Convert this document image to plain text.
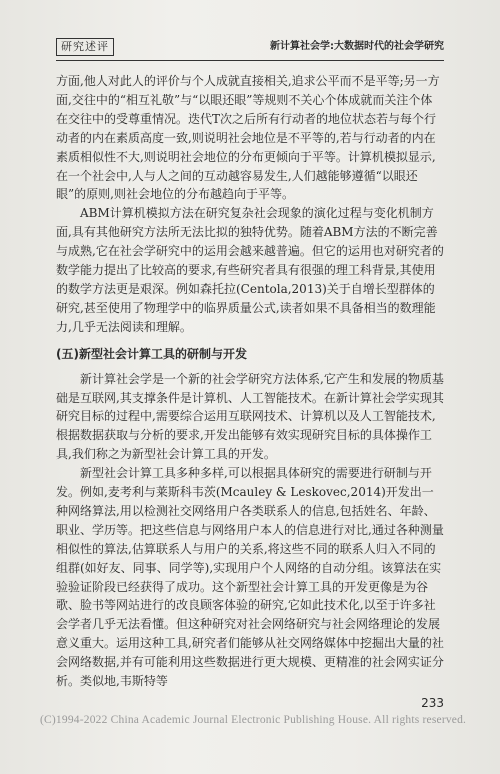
研究述评	新计算社会学:大数据时代的社会学研究

方面,他人对此人的评价与个人成就直接相关,追求公平而不是平等;另一方面,交往中的“相互礼敬”与“以眼还眼”等规则不关心个体成就而关注个体在交往中的受尊重情况。迭代T次之后所有行动者的地位状态若与每个行动者的内在素质高度一致,则说明社会地位是不平等的,若与行动者的内在素质相似性不大,则说明社会地位的分布更倾向于平等。计算机模拟显示,在一个社会中,人与人之间的互动越容易发生,人们越能够遵循“以眼还眼”的原则,则社会地位的分布越趋向于平等。

ABM计算机模拟方法在研究复杂社会现象的演化过程与变化机制方面,具有其他研究方法所无法比拟的独特优势。随着ABM方法的不断完善与成熟,它在社会学研究中的运用会越来越普遍。但它的运用也对研究者的数学能力提出了比较高的要求,有些研究者具有很强的理工科背景,其使用的数学方法更是艰深。例如森托拉(Centola,2013)关于自增长型群体的研究,甚至使用了物理学中的临界质量公式,读者如果不具备相当的数理能力,几乎无法阅读和理解。

(五)新型社会计算工具的研制与开发

新计算社会学是一个新的社会学研究方法体系,它产生和发展的物质基础是互联网,其支撑条件是计算机、人工智能技术。在新计算社会学实现其研究目标的过程中,需要综合运用互联网技术、计算机以及人工智能技术,根据数据获取与分析的要求,开发出能够有效实现研究目标的具体操作工具,我们称之为新型社会计算工具的开发。

新型社会计算工具多种多样,可以根据具体研究的需要进行研制与开发。例如,麦考利与莱斯科韦茨(Mcauley & Leskovec,2014)开发出一种网络算法,用以检测社交网络用户各类联系人的信息,包括姓名、年龄、职业、学历等。把这些信息与网络用户本人的信息进行对比,通过各种测量相似性的算法,估算联系人与用户的关系,将这些不同的联系人归入不同的组群(如好友、同事、同学等),实现用户个人网络的自动分组。该算法在实验验证阶段已经获得了成功。这个新型社会计算工具的开发更像是为谷歌、脸书等网站进行的改良顾客体验的研究,它如此技术化,以至于许多社会学者几乎无法看懂。但这种研究对社会网络研究与社会网络理论的发展意义重大。运用这种工具,研究者们能够从社交网络媒体中挖掘出大量的社会网络数据,并有可能利用这些数据进行更大规模、更精准的社会网实证分析。类似地,韦斯特等

233
(C)1994-2022 China Academic Journal Electronic Publishing House. All rights reserved.
